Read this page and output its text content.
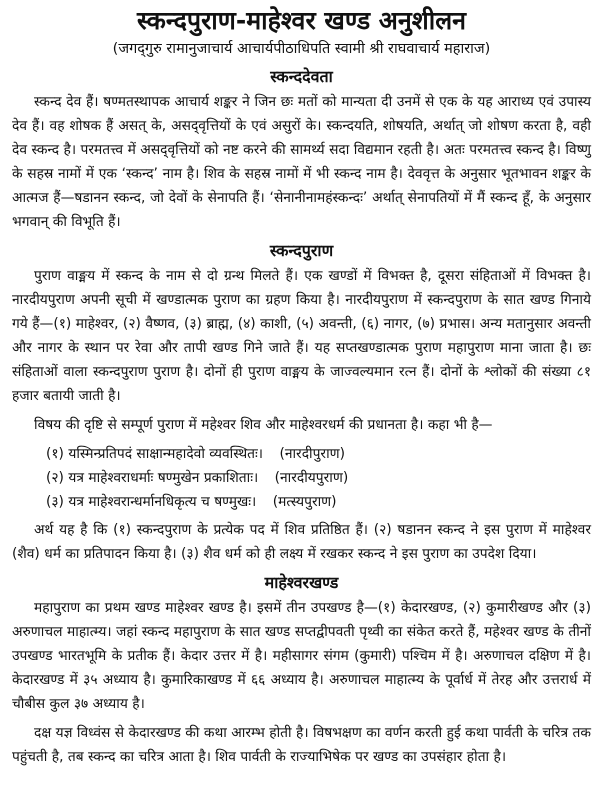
स्कन्दपुराण-माहेश्वर खण्ड अनुशीलन
(जगद्‌गुरु रामानुजाचार्य आचार्यपीठाधिपति स्वामी श्री राघवाचार्य महाराज)
स्कन्ददेवता

स्कन्द देव हैं। षण्मतस्थापक आचार्य शङ्कर ने जिन छः मतों को मान्यता दी उनमें से एक के यह आराध्य एवं उपास्य देव हैं। वह शोषक हैं असत्‌ के, असद्‌वृत्तियों के एवं असुरों के। स्कन्दयति, शोषयति, अर्थात्‌ जो शोषण करता है, वही देव स्कन्द है। परमतत्त्व में असद्‌वृत्तियों को नष्ट करने की सामर्थ्य सदा विद्यमान रहती है। अतः परमतत्त्व स्कन्द है। विष्णु के सहस्र नामों में एक ‘स्कन्द’ नाम है। शिव के सहस्र नामों में भी स्कन्द नाम है। देववृत्त के अनुसार भूतभावन शङ्कर के आत्मज हैं—षडानन स्कन्द, जो देवों के सेनापति हैं। ‘सेनानीनामहंस्कन्दः’ अर्थात्‌ सेनापतियों में मैं स्कन्द हूँ, के अनुसार भगवान्‌ की विभूति हैं।

स्कन्दपुराण

पुराण वाङ्मय में स्कन्द के नाम से दो ग्रन्थ मिलते हैं। एक खण्डों में विभक्त है, दूसरा संहिताओं में विभक्त है। नारदीयपुराण अपनी सूची में खण्डात्मक पुराण का ग्रहण किया है। नारदीयपुराण में स्कन्दपुराण के सात खण्ड गिनाये गये हैं—(१) माहेश्वर, (२) वैष्णव, (३) ब्राह्म, (४) काशी, (५) अवन्ती, (६) नागर, (७) प्रभास। अन्य मतानुसार अवन्ती और नागर के स्थान पर रेवा और तापी खण्ड गिने जाते हैं। यह सप्तखण्डात्मक पुराण महापुराण माना जाता है। छः संहिताओं वाला स्कन्दपुराण पुराण है। दोनों ही पुराण वाङ्मय के जाज्वल्यमान रत्न हैं। दोनों के श्लोकों की संख्या ८१ हजार बतायी जाती है।

विषय की दृष्टि से सम्पूर्ण पुराण में महेश्वर शिव और माहेश्वरधर्म की प्रधानता है। कहा भी है—

(१) यस्मिन्प्रतिपदं साक्षान्महादेवो व्यवस्थितः। (नारदीपुराण)
(२) यत्र माहेश्वराधर्माः षण्मुखेन प्रकाशिताः। (नारदीयपुराण)
(३) यत्र माहेश्वरान्धर्मानधिकृत्य च षण्मुखः। (मत्स्यपुराण)

अर्थ यह है कि (१) स्कन्दपुराण के प्रत्येक पद में शिव प्रतिष्ठित हैं। (२) षडानन स्कन्द ने इस पुराण में माहेश्वर (शैव) धर्म का प्रतिपादन किया है। (३) शैव धर्म को ही लक्ष्य में रखकर स्कन्द ने इस पुराण का उपदेश दिया।

माहेश्वरखण्ड

महापुराण का प्रथम खण्ड माहेश्वर खण्ड है। इसमें तीन उपखण्ड है—(१) केदारखण्ड, (२) कुमारीखण्ड और (३) अरुणाचल माहात्म्य। जहां स्कन्द महापुराण के सात खण्ड सप्तद्वीपवती पृथ्वी का संकेत करते हैं, महेश्वर खण्ड के तीनों उपखण्ड भारतभूमि के प्रतीक हैं। केदार उत्तर में है। महीसागर संगम (कुमारी) पश्चिम में है। अरुणाचल दक्षिण में है। केदारखण्ड में ३५ अध्याय है। कुमारिकाखण्ड में ६६ अध्याय है। अरुणाचल माहात्म्य के पूर्वार्ध में तेरह और उत्तरार्ध में चौबीस कुल ३७ अध्याय है।

दक्ष यज्ञ विध्वंस से केदारखण्ड की कथा आरम्भ होती है। विषभक्षण का वर्णन करती हुई कथा पार्वती के चरित्र तक पहुंचती है, तब स्कन्द का चरित्र आता है। शिव पार्वती के राज्याभिषेक पर खण्ड का उपसंहार होता है।
